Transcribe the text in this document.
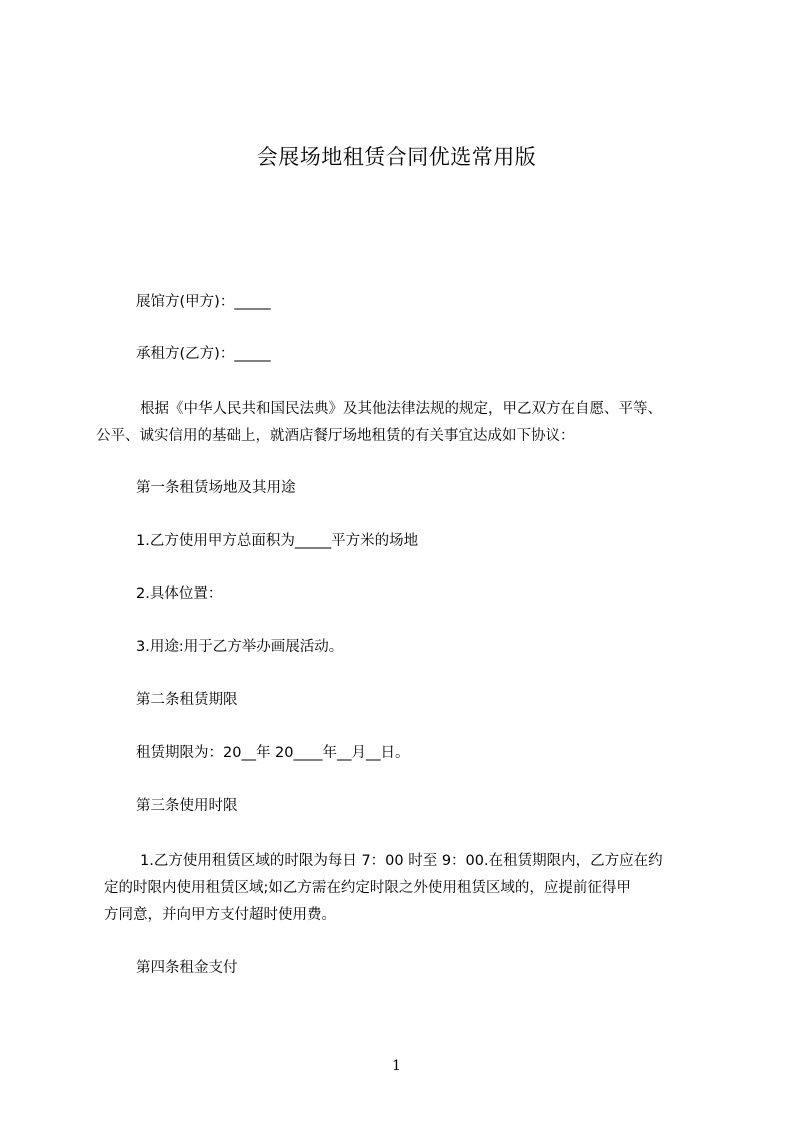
会展场地租赁合同优选常用版
展馆方(甲方)：_____
承租方(乙方)：_____
根据《中华人民共和国民法典》及其他法律法规的规定，甲乙双方在自愿、平等、
公平、诚实信用的基础上，就酒店餐厅场地租赁的有关事宜达成如下协议：
第一条租赁场地及其用途
1.乙方使用甲方总面积为_____平方米的场地
2.具体位置：
3.用途:用于乙方举办画展活动。
第二条租赁期限
租赁期限为：20__年 20____年__月__日。
第三条使用时限
1.乙方使用租赁区域的时限为每日 7：00 时至 9：00.在租赁期限内，乙方应在约
定的时限内使用租赁区域;如乙方需在约定时限之外使用租赁区域的，应提前征得甲
方同意，并向甲方支付超时使用费。
第四条租金支付
1
